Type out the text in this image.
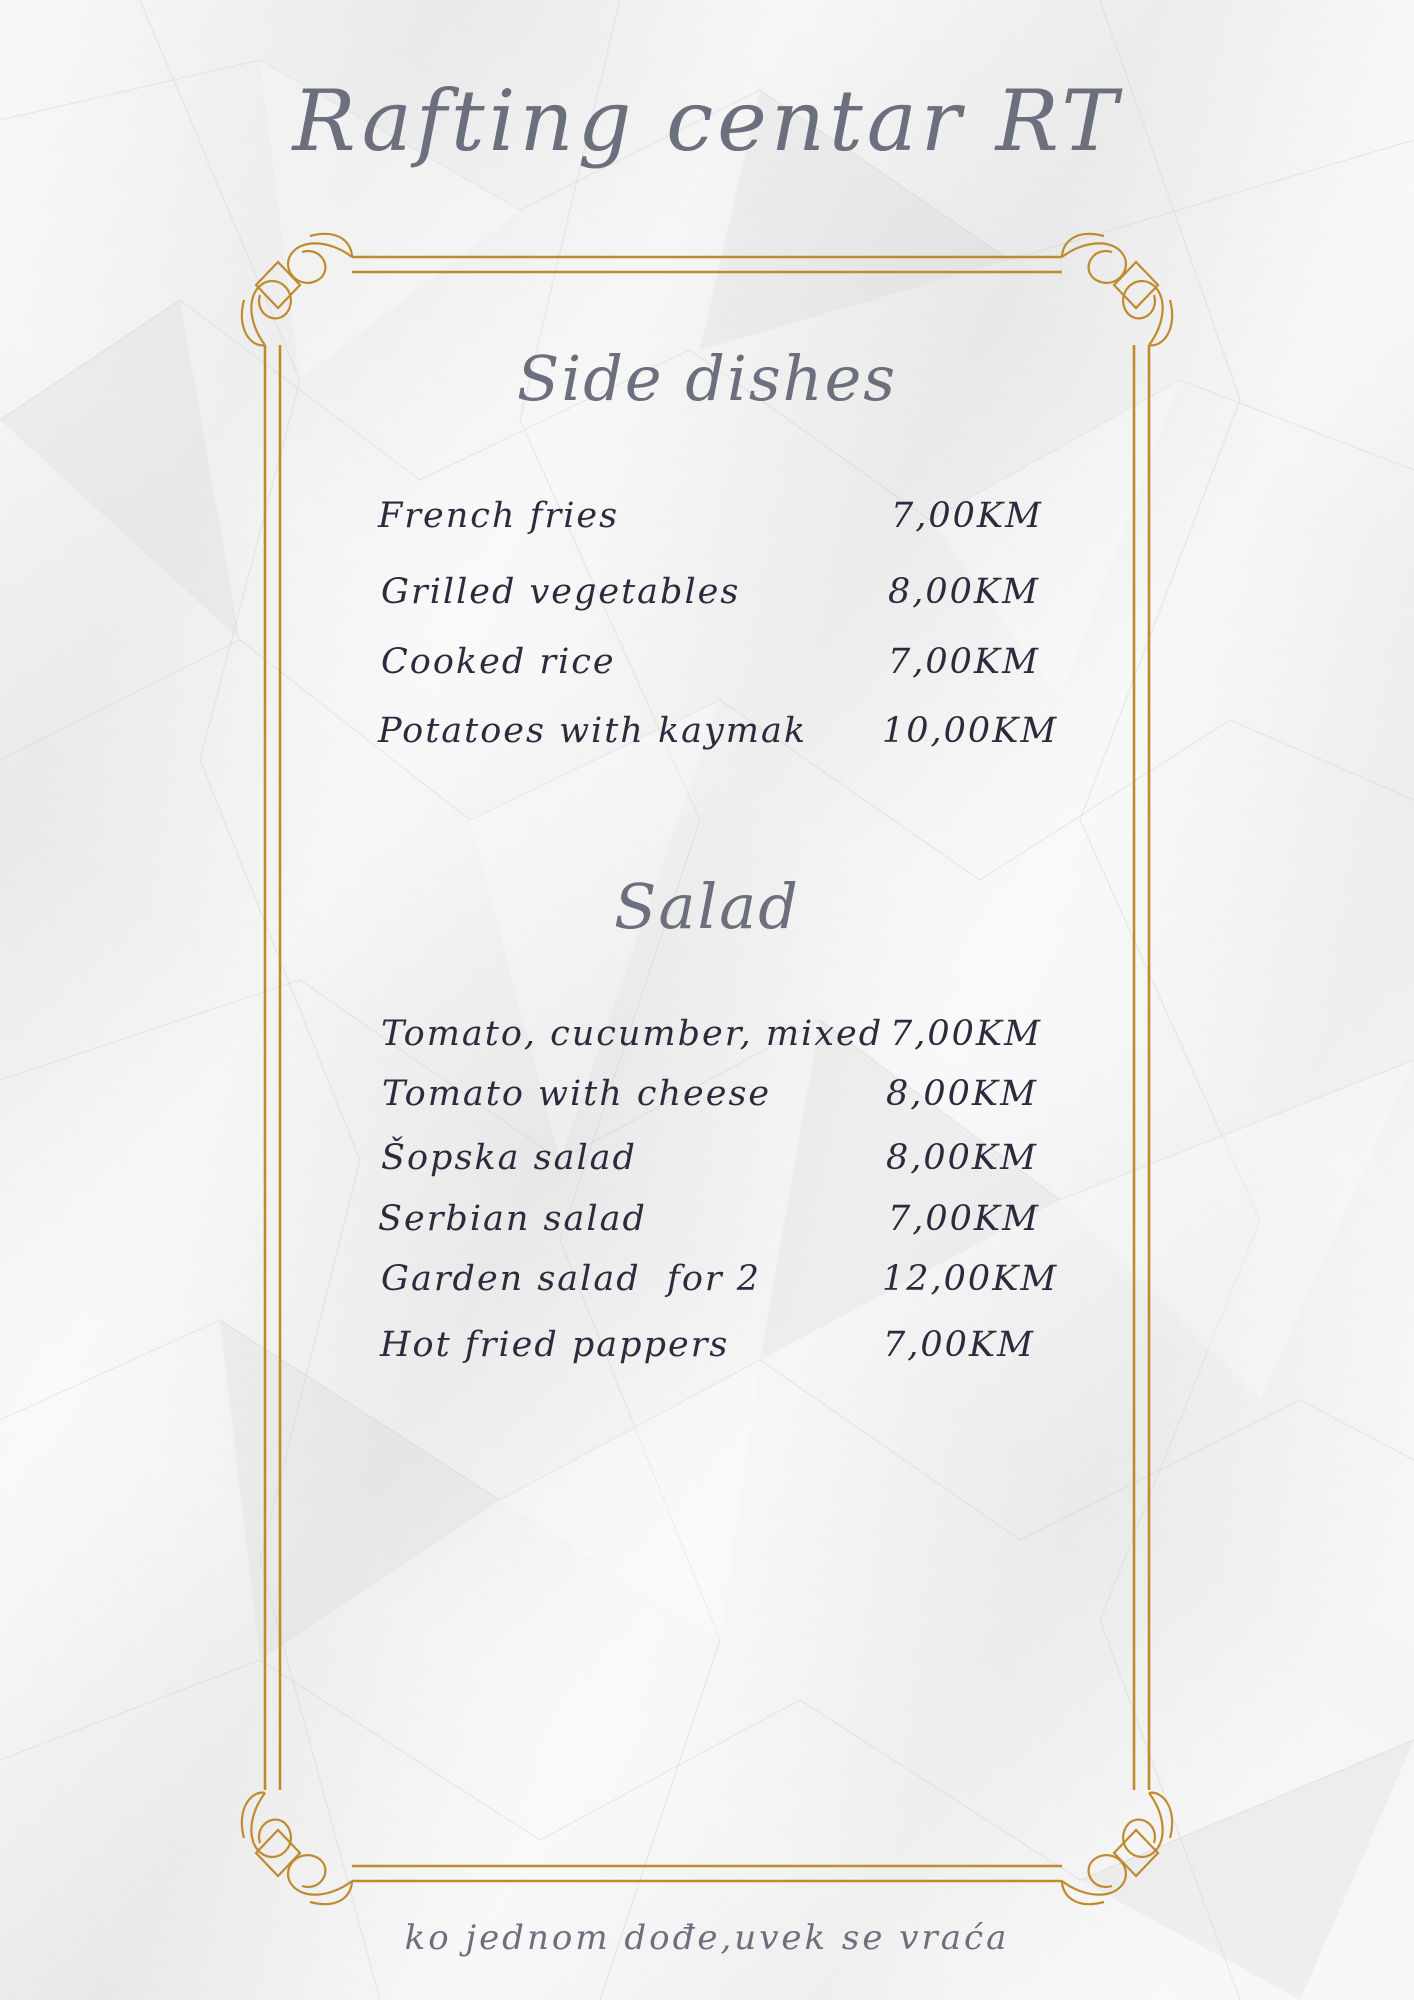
Rafting centar RT
Side dishes
French fries	7,00KM
Grilled vegetables	8,00KM
Cooked rice	7,00KM
Potatoes with kaymak 10,00KM
Salad
Tomato, cucumber, mixed 7,00KM
Tomato with cheese	8,00KM
Šopska salad	8,00KM
Serbian salad	7,00KM
Garden salad  for 2	12,00KM
Hot fried pappers	7,00KM
ko jednom dođe,uvek se vraća
